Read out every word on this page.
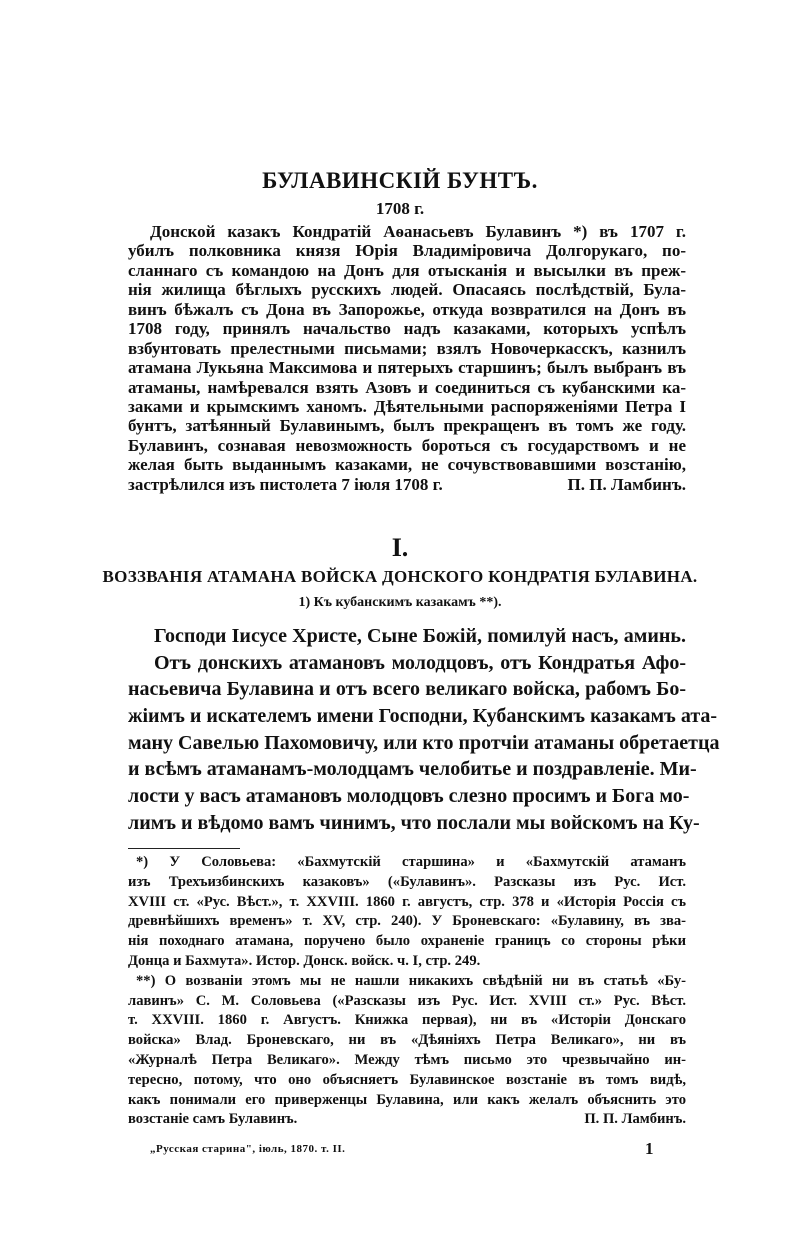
БУЛАВИНСКІЙ БУНТЪ.
1708 г.
Донской казакъ Кондратій Аѳанасьевъ Булавинъ *) въ 1707 г.
убилъ полковника князя Юрія Владиміровича Долгорукаго, по-
сланнаго съ командою на Донъ для отысканія и высылки въ преж-
нія жилища бѣглыхъ русскихъ людей. Опасаясь послѣдствій, Була-
винъ бѣжалъ съ Дона въ Запорожье, откуда возвратился на Донъ въ
1708 году, принялъ начальство надъ казаками, которыхъ успѣлъ
взбунтовать прелестными письмами; взялъ Новочеркасскъ, казнилъ
атамана Лукьяна Максимова и пятерыхъ старшинъ; былъ выбранъ въ
атаманы, намѣревался взять Азовъ и соединиться съ кубанскими ка-
заками и крымскимъ ханомъ. Дѣятельными распоряженіями Петра I
бунтъ, затѣянный Булавинымъ, былъ прекращенъ въ томъ же году.
Булавинъ, сознавая невозможность бороться съ государствомъ и не
желая быть выданнымъ казаками, не сочувствовавшими возстанію,
застрѣлился изъ пистолета 7 іюля 1708 г.	П. П. Ламбинъ.
I.
ВОЗЗВАНІЯ АТАМАНА ВОЙСКА ДОНСКОГО КОНДРАТІЯ БУЛАВИНА.
1) Къ кубанскимъ казакамъ **).
Господи Іисусе Христе, Сыне Божій, помилуй насъ, аминь.
Отъ донскихъ атамановъ молодцовъ, отъ Кондратья Афо-
насьевича Булавина и отъ всего великаго войска, рабомъ Бо-
жіимъ и искателемъ имени Господни, Кубанскимъ казакамъ ата-
ману Савелью Пахомовичу, или кто протчіи атаманы обретаетца
и всѣмъ атаманамъ-молодцамъ челобитье и поздравленіе. Ми-
лости у васъ атамановъ молодцовъ слезно просимъ и Бога мо-
лимъ и вѣдомо вамъ чинимъ, что послали мы войскомъ на Ку-
*) У Соловьева: «Бахмутскій старшина» и «Бахмутскій атаманъ
изъ Трехъизбинскихъ казаковъ» («Булавинъ». Разсказы изъ Рус. Ист.
XVIII ст. «Рус. Вѣст.», т. XXVIII. 1860 г. августъ, стр. 378 и «Исторія Россія съ
древнѣйшихъ временъ» т. XV, стр. 240). У Броневскаго: «Булавину, въ зва-
нія походнаго атамана, поручено было охраненіе границъ со стороны рѣки
Донца и Бахмута». Истор. Донск. войск. ч. I, стр. 249.
**) О возваніи этомъ мы не нашли никакихъ свѣдѣній ни въ статьѣ «Бу-
лавинъ» С. М. Соловьева («Разсказы изъ Рус. Ист. XVIII ст.» Рус. Вѣст.
т. XXVIII. 1860 г. Августъ. Книжка первая), ни въ «Исторіи Донскаго
войска» Влад. Броневскаго, ни въ «Дѣяніяхъ Петра Великаго», ни въ
«Журналѣ Петра Великаго». Между тѣмъ письмо это чрезвычайно ин-
тересно, потому, что оно объясняетъ Булавинское возстаніе въ томъ видѣ,
какъ понимали его приверженцы Булавина, или какъ желалъ объяснить это
возстаніе самъ Булавинъ.	П. П. Ламбинъ.
„Русская старина", іюль, 1870. т. II.	1
